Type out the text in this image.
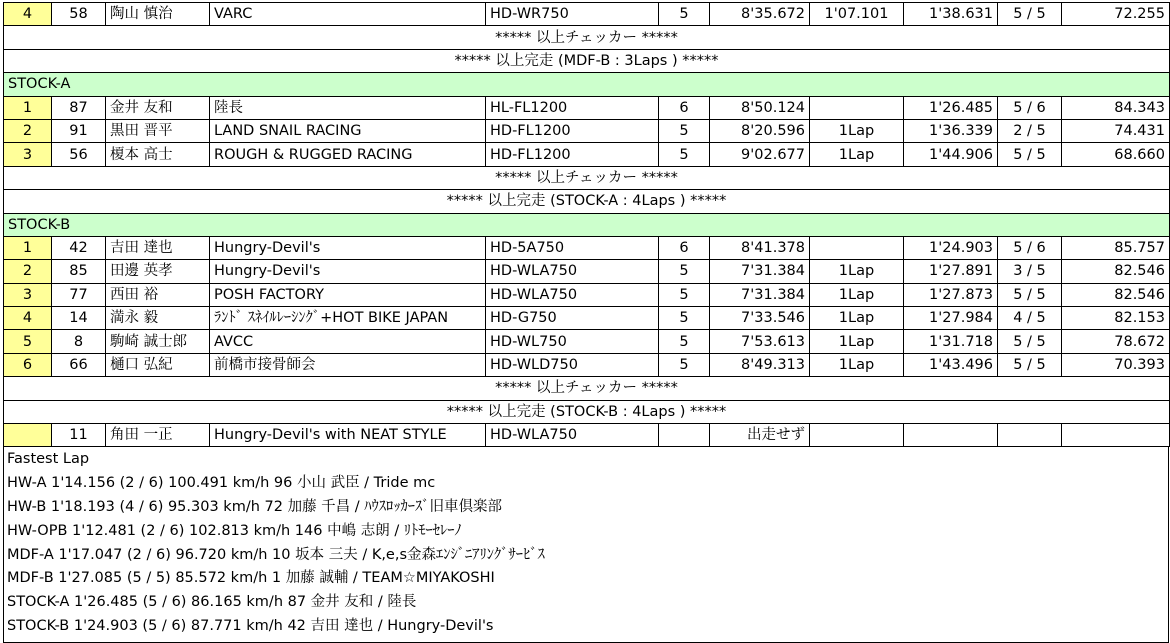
4	58	陶山 慎治	VARC	HD-WR750	5	8'35.672	1'07.101	1'38.631	5 / 5	72.255
***** 以上チェッカー *****										
***** 以上完走 (MDF-B : 3Laps ) *****										
STOCK-A										
1	87	金井 友和	陸長	HL-FL1200	6	8'50.124		1'26.485	5 / 6	84.343
2	91	黒田 晋平	LAND SNAIL RACING	HD-FL1200	5	8'20.596	1Lap	1'36.339	2 / 5	74.431
3	56	榎本 高士	ROUGH & RUGGED RACING	HD-FL1200	5	9'02.677	1Lap	1'44.906	5 / 5	68.660
***** 以上チェッカー *****										
***** 以上完走 (STOCK-A : 4Laps ) *****										
STOCK-B										
1	42	吉田 達也	Hungry-Devil's	HD-5A750	6	8'41.378		1'24.903	5 / 6	85.757
2	85	田邊 英孝	Hungry-Devil's	HD-WLA750	5	7'31.384	1Lap	1'27.891	3 / 5	82.546
3	77	西田 裕	POSH FACTORY	HD-WLA750	5	7'31.384	1Lap	1'27.873	5 / 5	82.546
4	14	満永 毅	ﾗﾝﾄﾞ ｽﾈｲﾙﾚｰｼﾝｸﾞ+HOT BIKE JAPAN	HD-G750	5	7'33.546	1Lap	1'27.984	4 / 5	82.153
5	8	駒崎 誠士郎	AVCC	HD-WL750	5	7'53.613	1Lap	1'31.718	5 / 5	78.672
6	66	樋口 弘紀	前橋市接骨師会	HD-WLD750	5	8'49.313	1Lap	1'43.496	5 / 5	70.393
***** 以上チェッカー *****										
***** 以上完走 (STOCK-B : 4Laps ) *****										
	11	角田 一正	Hungry-Devil's with NEAT STYLE	HD-WLA750		出走せず				
Fastest Lap
HW-A 1'14.156 (2 / 6) 100.491 km/h 96 小山 武臣 / Tride mc
HW-B 1'18.193 (4 / 6) 95.303 km/h 72 加藤 千昌 / ﾊｳｽﾛｯｶｰｽﾞ旧車倶楽部
HW-OPB 1'12.481 (2 / 6) 102.813 km/h 146 中嶋 志朗 / ﾘﾄﾓｰｾﾚｰﾉ
MDF-A 1'17.047 (2 / 6) 96.720 km/h 10 坂本 三夫 / K,e,s金森ｴﾝｼﾞﾆｱﾘﾝｸﾞｻｰﾋﾞｽ
MDF-B 1'27.085 (5 / 5) 85.572 km/h 1 加藤 誠輔 / TEAM☆MIYAKOSHI
STOCK-A 1'26.485 (5 / 6) 86.165 km/h 87 金井 友和 / 陸長
STOCK-B 1'24.903 (5 / 6) 87.771 km/h 42 吉田 達也 / Hungry-Devil's
